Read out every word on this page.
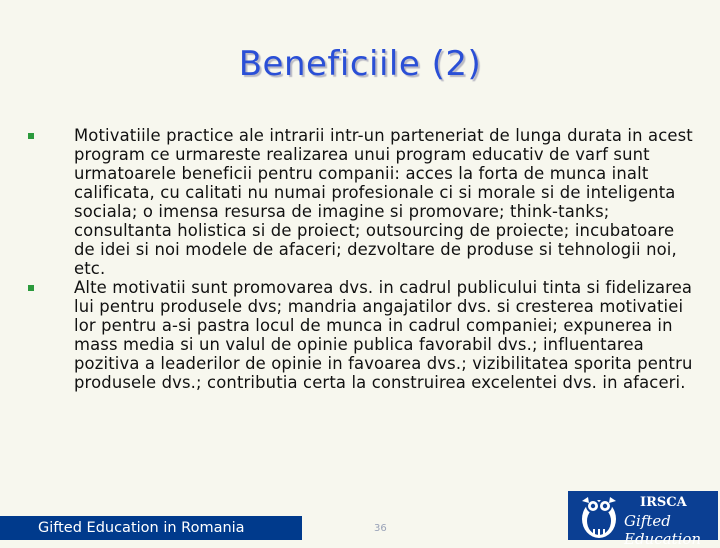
Beneficiile (2)
Motivatiile practice ale intrarii intr-un parteneriat de lunga durata in acest program ce urmareste realizarea unui program educativ de varf sunt urmatoarele beneficii pentru companii: acces la forta de munca inalt calificata, cu calitati nu numai profesionale ci si morale si de inteligenta sociala; o imensa resursa de imagine si promovare; think-tanks; consultanta holistica si de proiect; outsourcing de proiecte; incubatoare de idei si noi modele de afaceri; dezvoltare de produse si tehnologii noi, etc.
Alte motivatii sunt promovarea dvs. in cadrul publicului tinta si fidelizarea lui pentru produsele dvs; mandria angajatilor dvs. si cresterea motivatiei lor pentru a-si pastra locul de munca in cadrul companiei; expunerea in mass media si un valul de opinie publica favorabil dvs.; influentarea pozitiva a leaderilor de opinie in favoarea dvs.; vizibilitatea sporita pentru produsele dvs.; contributia certa la construirea excelentei dvs. in afaceri.
Gifted Education in Romania	36
IRSCA
Gifted Education
